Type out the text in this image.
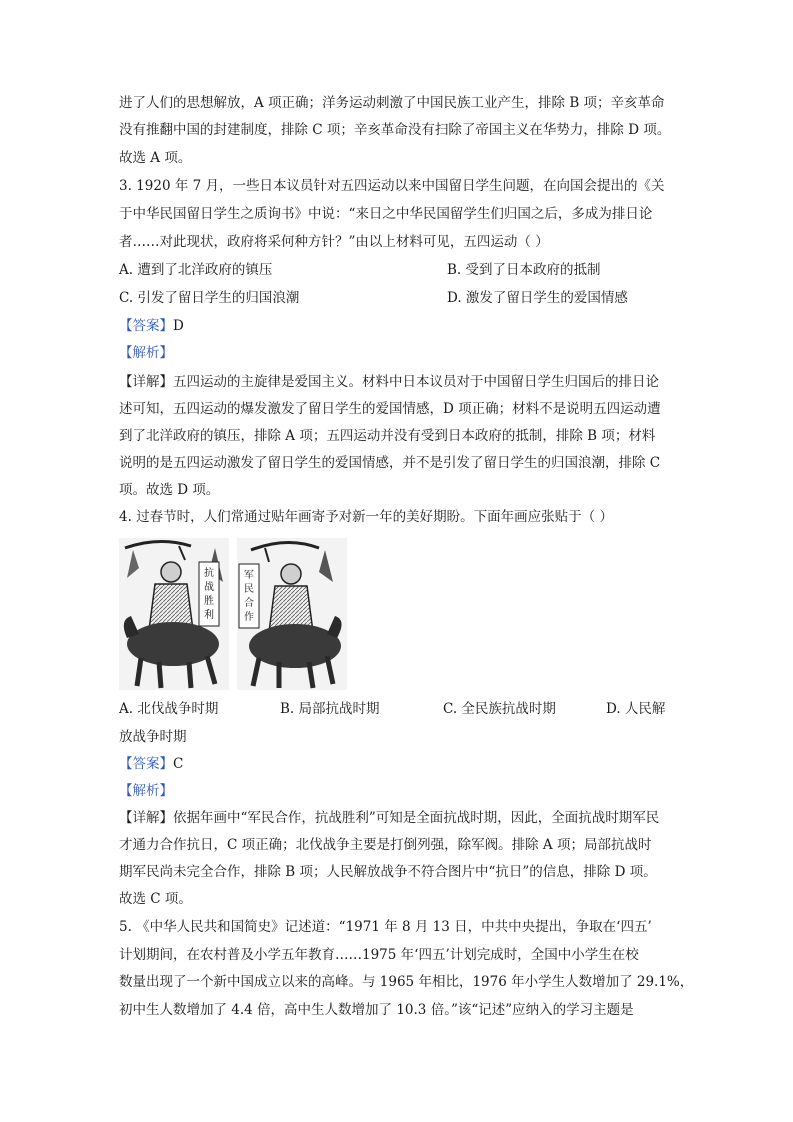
进了人们的思想解放，A 项正确；洋务运动刺激了中国民族工业产生，排除 B 项；辛亥革命
没有推翻中国的封建制度，排除 C 项；辛亥革命没有扫除了帝国主义在华势力，排除 D 项。
故选 A 项。
3. 1920 年 7 月，一些日本议员针对五四运动以来中国留日学生问题，在向国会提出的《关
于中华民国留日学生之质询书》中说：“来日之中华民国留学生们归国之后，多成为排日论
者……对此现状，政府将采何种方针？”由以上材料可见，五四运动（ ）
A. 遭到了北洋政府的镇压	B. 受到了日本政府的抵制
C. 引发了留日学生的归国浪潮	D. 激发了留日学生的爱国情感
【答案】D
【解析】
【详解】五四运动的主旋律是爱国主义。材料中日本议员对于中国留日学生归国后的排日论
述可知，五四运动的爆发激发了留日学生的爱国情感，D 项正确；材料不是说明五四运动遭
到了北洋政府的镇压，排除 A 项；五四运动并没有受到日本政府的抵制，排除 B 项；材料
说明的是五四运动激发了留日学生的爱国情感，并不是引发了留日学生的归国浪潮，排除 C
项。故选 D 项。
4. 过春节时，人们常通过贴年画寄予对新一年的美好期盼。下面年画应张贴于（ ）
抗
战
胜
利
军
民
合
作
A. 北伐战争时期	B. 局部抗战时期	C. 全民族抗战时期	D. 人民解
放战争时期
【答案】C
【解析】
【详解】依据年画中“军民合作，抗战胜利”可知是全面抗战时期，因此，全面抗战时期军民
才通力合作抗日，C 项正确；北伐战争主要是打倒列强，除军阀。排除 A 项；局部抗战时
期军民尚未完全合作，排除 B 项；人民解放战争不符合图片中“抗日”的信息，排除 D 项。
故选 C 项。
5. 《中华人民共和国简史》记述道：“1971 年 8 月 13 日，中共中央提出，争取在‘四五’
计划期间，在农村普及小学五年教育……1975 年‘四五’计划完成时，全国中小学生在校
数量出现了一个新中国成立以来的高峰。与 1965 年相比，1976 年小学生人数增加了 29.1%，
初中生人数增加了 4.4 倍，高中生人数增加了 10.3 倍。”该“记述”应纳入的学习主题是
